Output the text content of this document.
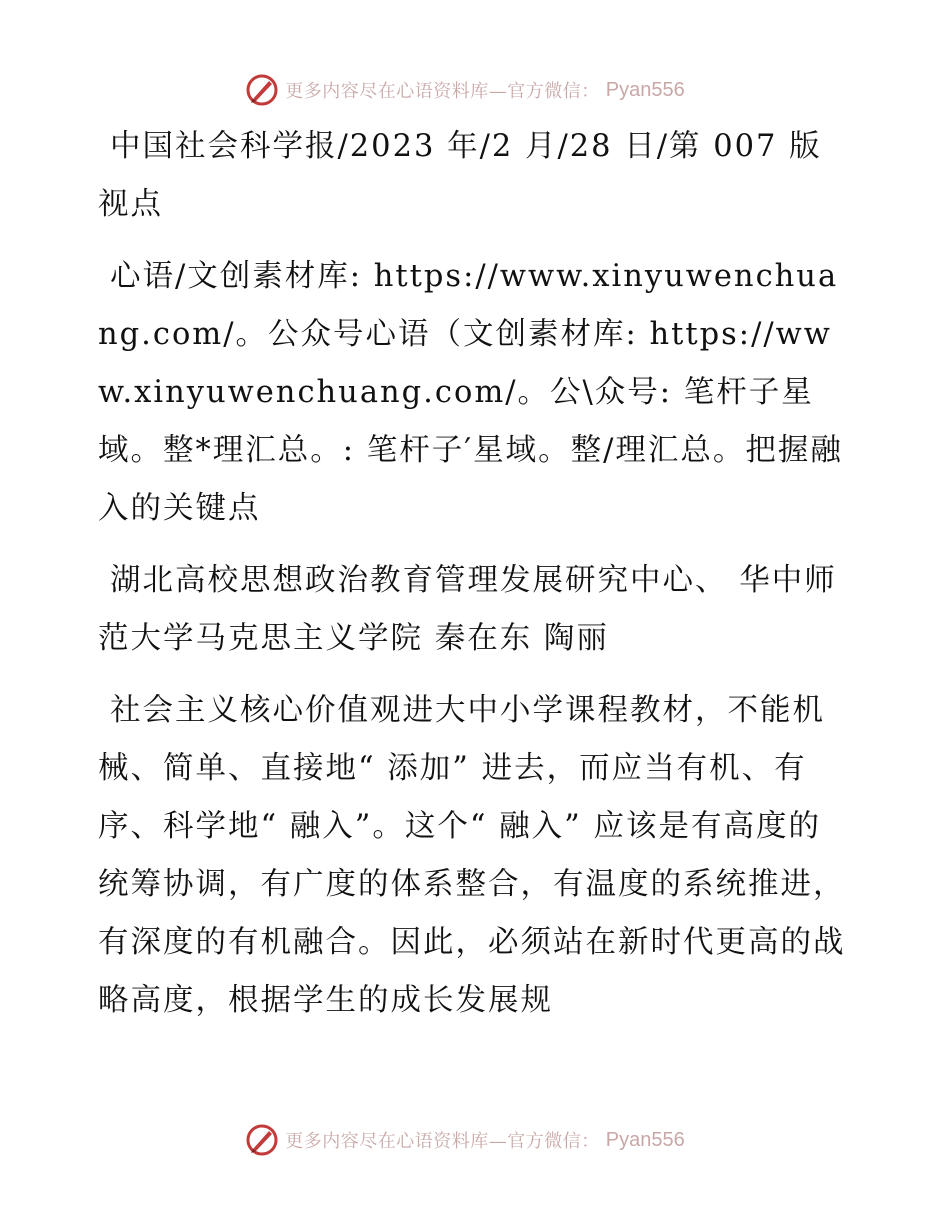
更多内容尽在心语资料库—官方微信： Pyan556

中国社会科学报/2023 年/2 月/28 日/第 007 版视点

心语/文创素材库: https://www.xinyuwenchuang.com/。公众号心语（文创素材库: https://www.xinyuwenchuang.com/。公\众号: 笔杆子星域。整*理汇总。: 笔杆子′星域。整/理汇总。把握融入的关键点

湖北高校思想政治教育管理发展研究中心、 华中师范大学马克思主义学院 秦在东 陶丽

社会主义核心价值观进大中小学课程教材，不能机械、简单、直接地“ 添加” 进去，而应当有机、有序、科学地“ 融入”。这个“ 融入” 应该是有高度的统筹协调，有广度的体系整合，有温度的系统推进，有深度的有机融合。因此，必须站在新时代更高的战略高度，根据学生的成长发展规

更多内容尽在心语资料库—官方微信： Pyan556
